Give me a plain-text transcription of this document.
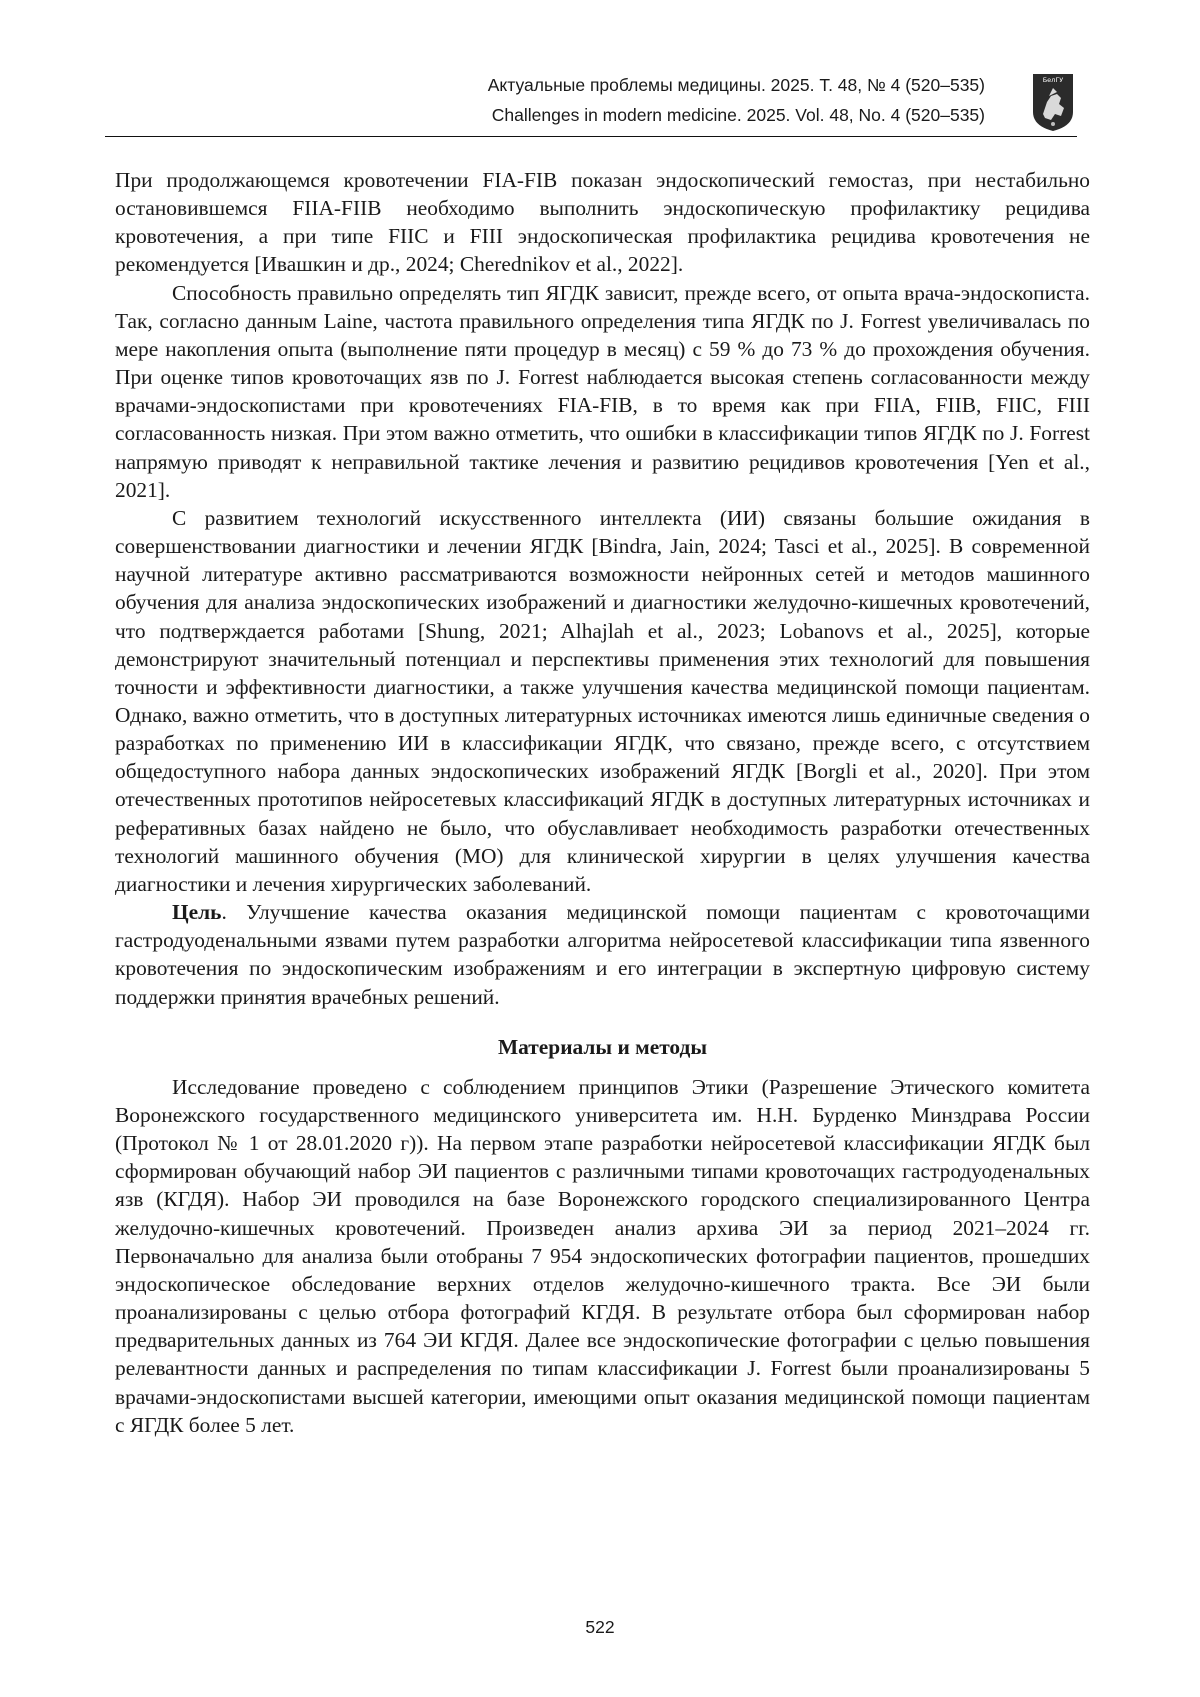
Актуальные проблемы медицины. 2025. Т. 48, № 4 (520–535)
Challenges in modern medicine. 2025. Vol. 48, No. 4 (520–535)
БелГУ

При продолжающемся кровотечении FIA-FIB показан эндоскопический гемостаз, при нестабильно остановившемся FIIA-FIIB необходимо выполнить эндоскопическую профилактику рецидива кровотечения, а при типе FIIC и FIII эндоскопическая профилактика рецидива кровотечения не рекомендуется [Ивашкин и др., 2024; Cherednikov et al., 2022].

Способность правильно определять тип ЯГДК зависит, прежде всего, от опыта врача-эндоскописта. Так, согласно данным Laine, частота правильного определения типа ЯГДК по J. Forrest увеличивалась по мере накопления опыта (выполнение пяти процедур в месяц) с 59 % до 73 % до прохождения обучения. При оценке типов кровоточащих язв по J. Forrest наблюдается высокая степень согласованности между врачами-эндоскопистами при кровотечениях FIA-FIB, в то время как при FIIA, FIIB, FIIC, FIII согласованность низкая. При этом важно отметить, что ошибки в классификации типов ЯГДК по J. Forrest напрямую приводят к неправильной тактике лечения и развитию рецидивов кровотечения [Yen et al., 2021].

С развитием технологий искусственного интеллекта (ИИ) связаны большие ожидания в совершенствовании диагностики и лечении ЯГДК [Bindra, Jain, 2024; Tasci et al., 2025]. В современной научной литературе активно рассматриваются возможности нейронных сетей и методов машинного обучения для анализа эндоскопических изображений и диагностики желудочно-кишечных кровотечений, что подтверждается работами [Shung, 2021; Alhajlah et al., 2023; Lobanovs et al., 2025], которые демонстрируют значительный потенциал и перспективы применения этих технологий для повышения точности и эффективности диагностики, а также улучшения качества медицинской помощи пациентам. Однако, важно отметить, что в доступных литературных источниках имеются лишь единичные сведения о разработках по применению ИИ в классификации ЯГДК, что связано, прежде всего, с отсутствием общедоступного набора данных эндоскопических изображений ЯГДК [Borgli et al., 2020]. При этом отечественных прототипов нейросетевых классификаций ЯГДК в доступных литературных источниках и реферативных базах найдено не было, что обуславливает необходимость разработки отечественных технологий машинного обучения (МО) для клинической хирургии в целях улучшения качества диагностики и лечения хирургических заболеваний.

Цель. Улучшение качества оказания медицинской помощи пациентам с кровоточащими гастродуоденальными язвами путем разработки алгоритма нейросетевой классификации типа язвенного кровотечения по эндоскопическим изображениям и его интеграции в экспертную цифровую систему поддержки принятия врачебных решений.

Материалы и методы

Исследование проведено с соблюдением принципов Этики (Разрешение Этического комитета Воронежского государственного медицинского университета им. Н.Н. Бурденко Минздрава России (Протокол № 1 от 28.01.2020 г)). На первом этапе разработки нейросетевой классификации ЯГДК был сформирован обучающий набор ЭИ пациентов с различными типами кровоточащих гастродуоденальных язв (КГДЯ). Набор ЭИ проводился на базе Воронежского городского специализированного Центра желудочно-кишечных кровотечений. Произведен анализ архива ЭИ за период 2021–2024 гг. Первоначально для анализа были отобраны 7 954 эндоскопических фотографии пациентов, прошедших эндоскопическое обследование верхних отделов желудочно-кишечного тракта. Все ЭИ были проанализированы с целью отбора фотографий КГДЯ. В результате отбора был сформирован набор предварительных данных из 764 ЭИ КГДЯ. Далее все эндоскопические фотографии с целью повышения релевантности данных и распределения по типам классификации J. Forrest были проанализированы 5 врачами-эндоскопистами высшей категории, имеющими опыт оказания медицинской помощи пациентам с ЯГДК более 5 лет.

522
